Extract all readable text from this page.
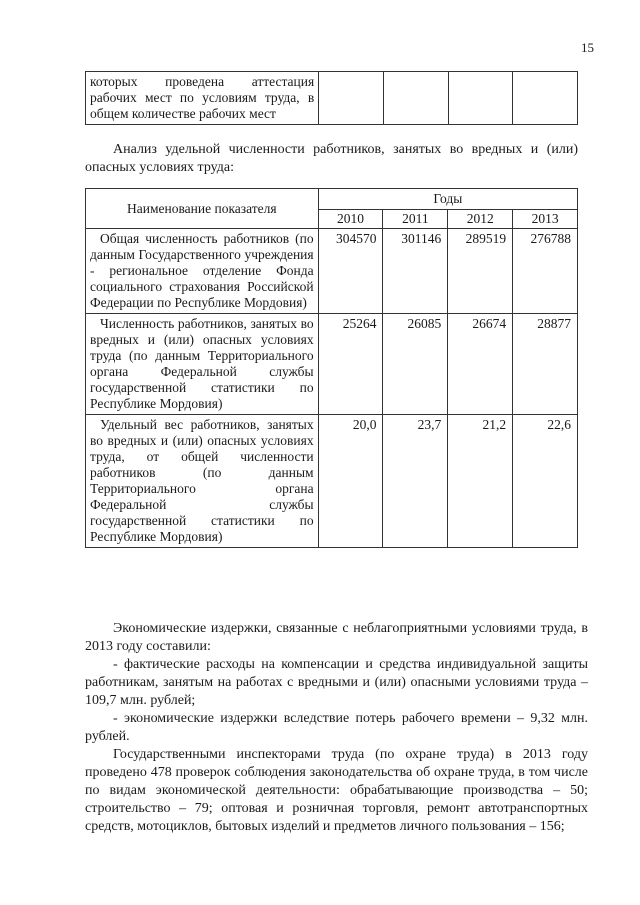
15
которых проведена аттестация рабочих мест по условиям труда, в общем количестве рабочих мест				

Анализ удельной численности работников, занятых во вредных и (или) опасных условиях труда:

Наименование показателя	Годы			
	2010	2011	2012	2013
Общая численность работников (по данным Государственного учреждения - региональное отделение Фонда социального страхования Российской Федерации по Республике Мордовия)	304570	301146	289519	276788
Численность работников, занятых во вредных и (или) опасных условиях труда (по данным Территориального органа Федеральной службы государственной статистики по Республике Мордовия)	25264	26085	26674	28877
Удельный вес работников, занятых во вредных и (или) опасных условиях труда, от общей численности работников (по данным Территориального органа Федеральной службы государственной статистики по Республике Мордовия)	20,0	23,7	21,2	22,6

Экономические издержки, связанные с неблагоприятными условиями труда, в 2013 году составили:

- фактические расходы на компенсации и средства индивидуальной защиты работникам, занятым на работах с вредными и (или) опасными условиями труда – 109,7 млн. рублей;

- экономические издержки вследствие потерь рабочего времени – 9,32 млн. рублей.

Государственными инспекторами труда (по охране труда) в 2013 году проведено 478 проверок соблюдения законодательства об охране труда, в том числе по видам экономической деятельности: обрабатывающие производства – 50; строительство – 79; оптовая и розничная торговля, ремонт автотранспортных средств, мотоциклов, бытовых изделий и предметов личного пользования – 156;
